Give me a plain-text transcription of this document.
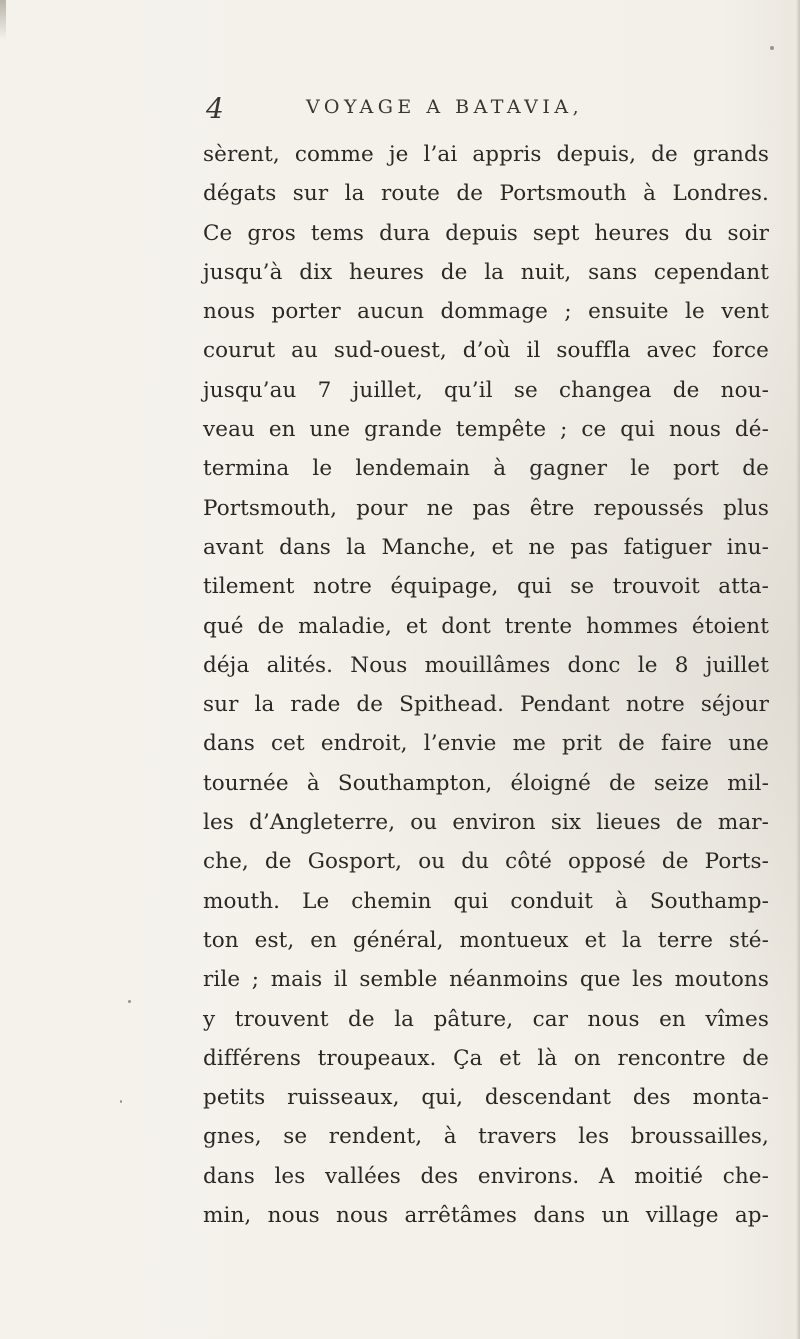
4	VOYAGE A BATAVIA,
sèrent, comme je l’ai appris depuis, de grands
dégats sur la route de Portsmouth à Londres.
Ce gros tems dura depuis sept heures du soir
jusqu’à dix heures de la nuit, sans cependant
nous porter aucun dommage ; ensuite le vent
courut au sud-ouest, d’où il souffla avec force
jusqu’au 7 juillet, qu’il se changea de nou-
veau en une grande tempête ; ce qui nous dé-
termina le lendemain à gagner le port de
Portsmouth, pour ne pas être repoussés plus
avant dans la Manche, et ne pas fatiguer inu-
tilement notre équipage, qui se trouvoit atta-
qué de maladie, et dont trente hommes étoient
déja alités. Nous mouillâmes donc le 8 juillet
sur la rade de Spithead. Pendant notre séjour
dans cet endroit, l’envie me prit de faire une
tournée à Southampton, éloigné de seize mil-
les d’Angleterre, ou environ six lieues de mar-
che, de Gosport, ou du côté opposé de Ports-
mouth. Le chemin qui conduit à Southamp-
ton est, en général, montueux et la terre sté-
rile ; mais il semble néanmoins que les moutons
y trouvent de la pâture, car nous en vîmes
différens troupeaux. Ça et là on rencontre de
petits ruisseaux, qui, descendant des monta-
gnes, se rendent, à travers les broussailles,
dans les vallées des environs. A moitié che-
min, nous nous arrêtâmes dans un village ap-
